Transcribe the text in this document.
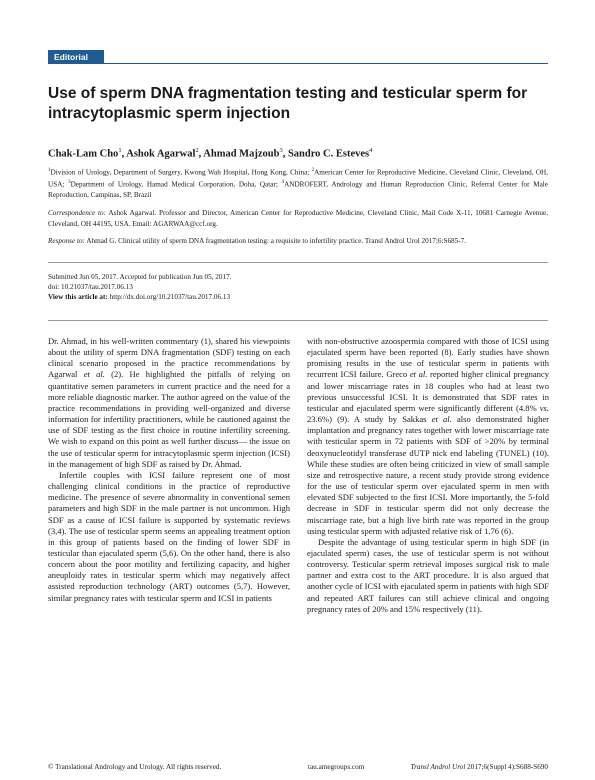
Editorial
Use of sperm DNA fragmentation testing and testicular sperm for intracytoplasmic sperm injection
Chak-Lam Cho$^1$, Ashok Agarwal$^2$, Ahmad Majzoub$^3$, Sandro C. Esteves$^4$
$^1$Division of Urology, Department of Surgery, Kwong Wah Hospital, Hong Kong, China; $^2$American Center for Reproductive Medicine, Cleveland Clinic, Cleveland, OH, USA; $^3$Department of Urology, Hamad Medical Corporation, Doha, Qatar; $^4$ANDROFERT, Andrology and Human Reproduction Clinic, Referral Center for Male Reproduction, Campinas, SP, Brazil
Correspondence to: Ashok Agarwal. Professor and Director, American Center for Reproductive Medicine, Cleveland Clinic, Mail Code X-11, 10681 Carnegie Avenue, Cleveland, OH 44195, USA. Email: AGARWAA@ccf.org.
Response to: Ahmad G. Clinical utility of sperm DNA fragmentation testing: a requisite to infertility practice. Transl Androl Urol 2017;6:S685-7.
Submitted Jun 05, 2017. Accepted for publication Jun 05, 2017.
doi: 10.21037/tau.2017.06.13
View this article at: http://dx.doi.org/10.21037/tau.2017.06.13

Dr. Ahmad, in his well-written commentary (1), shared his viewpoints about the utility of sperm DNA fragmentation (SDF) testing on each clinical scenario proposed in the practice recommendations by Agarwal et al. (2). He highlighted the pitfalls of relying on quantitative semen parameters in current practice and the need for a more reliable diagnostic marker. The author agreed on the value of the practice recommendations in providing well-organized and diverse information for infertility practitioners, while he cautioned against the use of SDF testing as the first choice in routine infertility screening. We wish to expand on this point as well further discuss— the issue on the use of testicular sperm for intracytoplasmic sperm injection (ICSI) in the management of high SDF as raised by Dr. Ahmad.

Infertile couples with ICSI failure represent one of most challenging clinical conditions in the practice of reproductive medicine. The presence of severe abnormality in conventional semen parameters and high SDF in the male partner is not uncommon. High SDF as a cause of ICSI failure is supported by systematic reviews (3,4). The use of testicular sperm seems an appealing treatment option in this group of patients based on the finding of lower SDF in testicular than ejaculated sperm (5,6). On the other hand, there is also concern about the poor motility and fertilizing capacity, and higher aneuploidy rates in testicular sperm which may negatively affect assisted reproduction technology (ART) outcomes (5,7). However, similar pregnancy rates with testicular sperm and ICSI in patients

with non-obstructive azoospermia compared with those of ICSI using ejaculated sperm have been reported (8). Early studies have shown promising results in the use of testicular sperm in patients with recurrent ICSI failure. Greco et al. reported higher clinical pregnancy and lower miscarriage rates in 18 couples who had at least two previous unsuccessful ICSI. It is demonstrated that SDF rates in testicular and ejaculated sperm were significantly different (4.8% vs. 23.6%) (9). A study by Sakkas et al. also demonstrated higher implantation and pregnancy rates together with lower miscarriage rate with testicular sperm in 72 patients with SDF of >20% by terminal deoxynucleotidyl transferase dUTP nick end labeling (TUNEL) (10). While these studies are often being criticized in view of small sample size and retrospective nature, a recent study provide strong evidence for the use of testicular sperm over ejaculated sperm in men with elevated SDF subjected to the first ICSI. More importantly, the 5-fold decrease in SDF in testicular sperm did not only decrease the miscarriage rate, but a high live birth rate was reported in the group using testicular sperm with adjusted relative risk of 1.76 (6).

Despite the advantage of using testicular sperm in high SDF (in ejaculated sperm) cases, the use of testicular sperm is not without controversy. Testicular sperm retrieval imposes surgical risk to male partner and extra cost to the ART procedure. It is also argued that another cycle of ICSI with ejaculated sperm in patients with high SDF and repeated ART failures can still achieve clinical and ongoing pregnancy rates of 20% and 15% respectively (11).

© Translational Andrology and Urology. All rights reserved.	tau.amegroups.com	Transl Androl Urol 2017;6(Suppl 4):S688-S690
